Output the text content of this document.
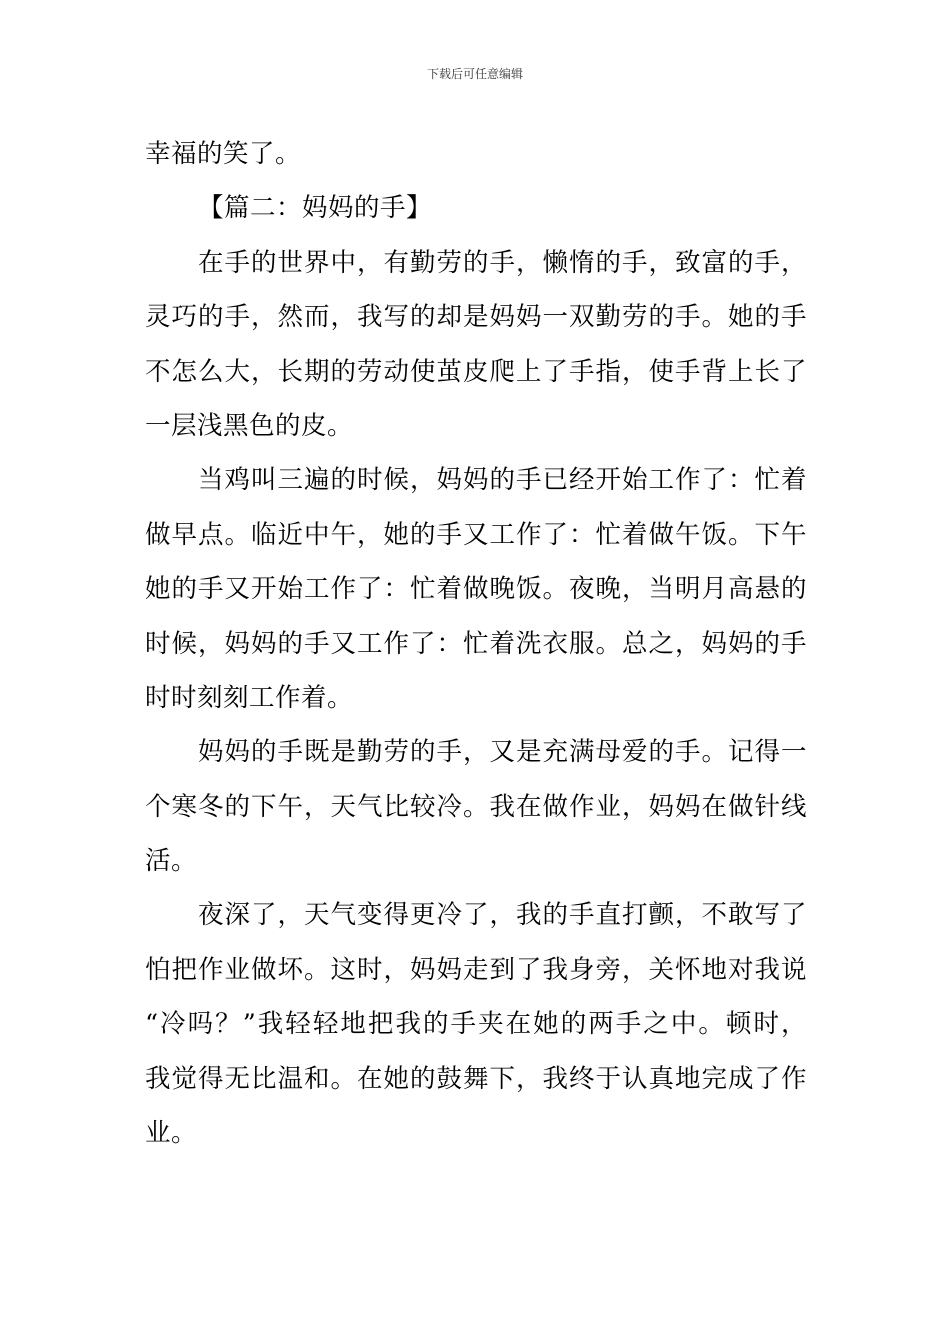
下载后可任意编辑
幸福的笑了。
【篇二：妈妈的手】
在手的世界中，有勤劳的手，懒惰的手，致富的手，
灵巧的手，然而，我写的却是妈妈一双勤劳的手。她的手
不怎么大，长期的劳动使茧皮爬上了手指，使手背上长了
一层浅黑色的皮。
当鸡叫三遍的时候，妈妈的手已经开始工作了：忙着
做早点。临近中午，她的手又工作了：忙着做午饭。下午
她的手又开始工作了：忙着做晚饭。夜晚，当明月高悬的
时候，妈妈的手又工作了：忙着洗衣服。总之，妈妈的手
时时刻刻工作着。
妈妈的手既是勤劳的手，又是充满母爱的手。记得一
个寒冬的下午，天气比较冷。我在做作业，妈妈在做针线
活。
夜深了，天气变得更冷了，我的手直打颤，不敢写了
怕把作业做坏。这时，妈妈走到了我身旁，关怀地对我说
“冷吗？”我轻轻地把我的手夹在她的两手之中。顿时，
我觉得无比温和。在她的鼓舞下，我终于认真地完成了作
业。
